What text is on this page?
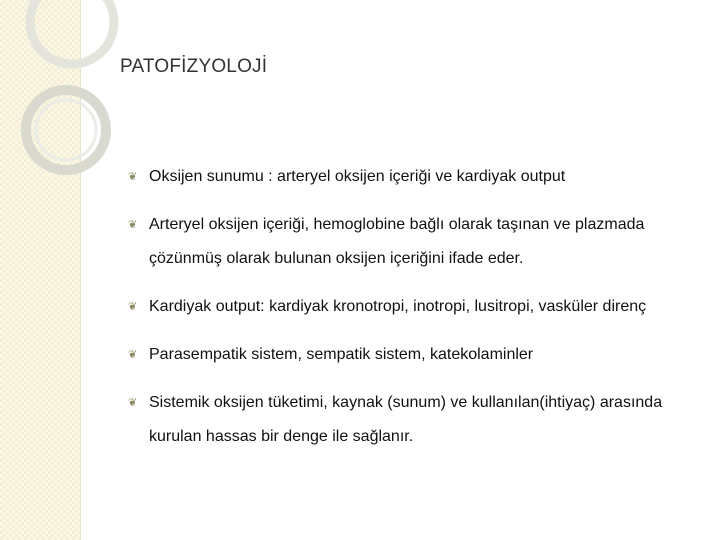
PATOFİZYOLOJİ
❦ Oksijen sunumu : arteryel oksijen içeriği ve kardiyak output
❦ Arteryel oksijen içeriği, hemoglobine bağlı olarak taşınan ve plazmada çözünmüş olarak bulunan oksijen içeriğini ifade eder.
❦ Kardiyak output: kardiyak kronotropi, inotropi, lusitropi, vasküler direnç
❦ Parasempatik sistem, sempatik sistem, katekolaminler
❦ Sistemik oksijen tüketimi, kaynak (sunum) ve kullanılan(ihtiyaç) arasında kurulan hassas bir denge ile sağlanır.
